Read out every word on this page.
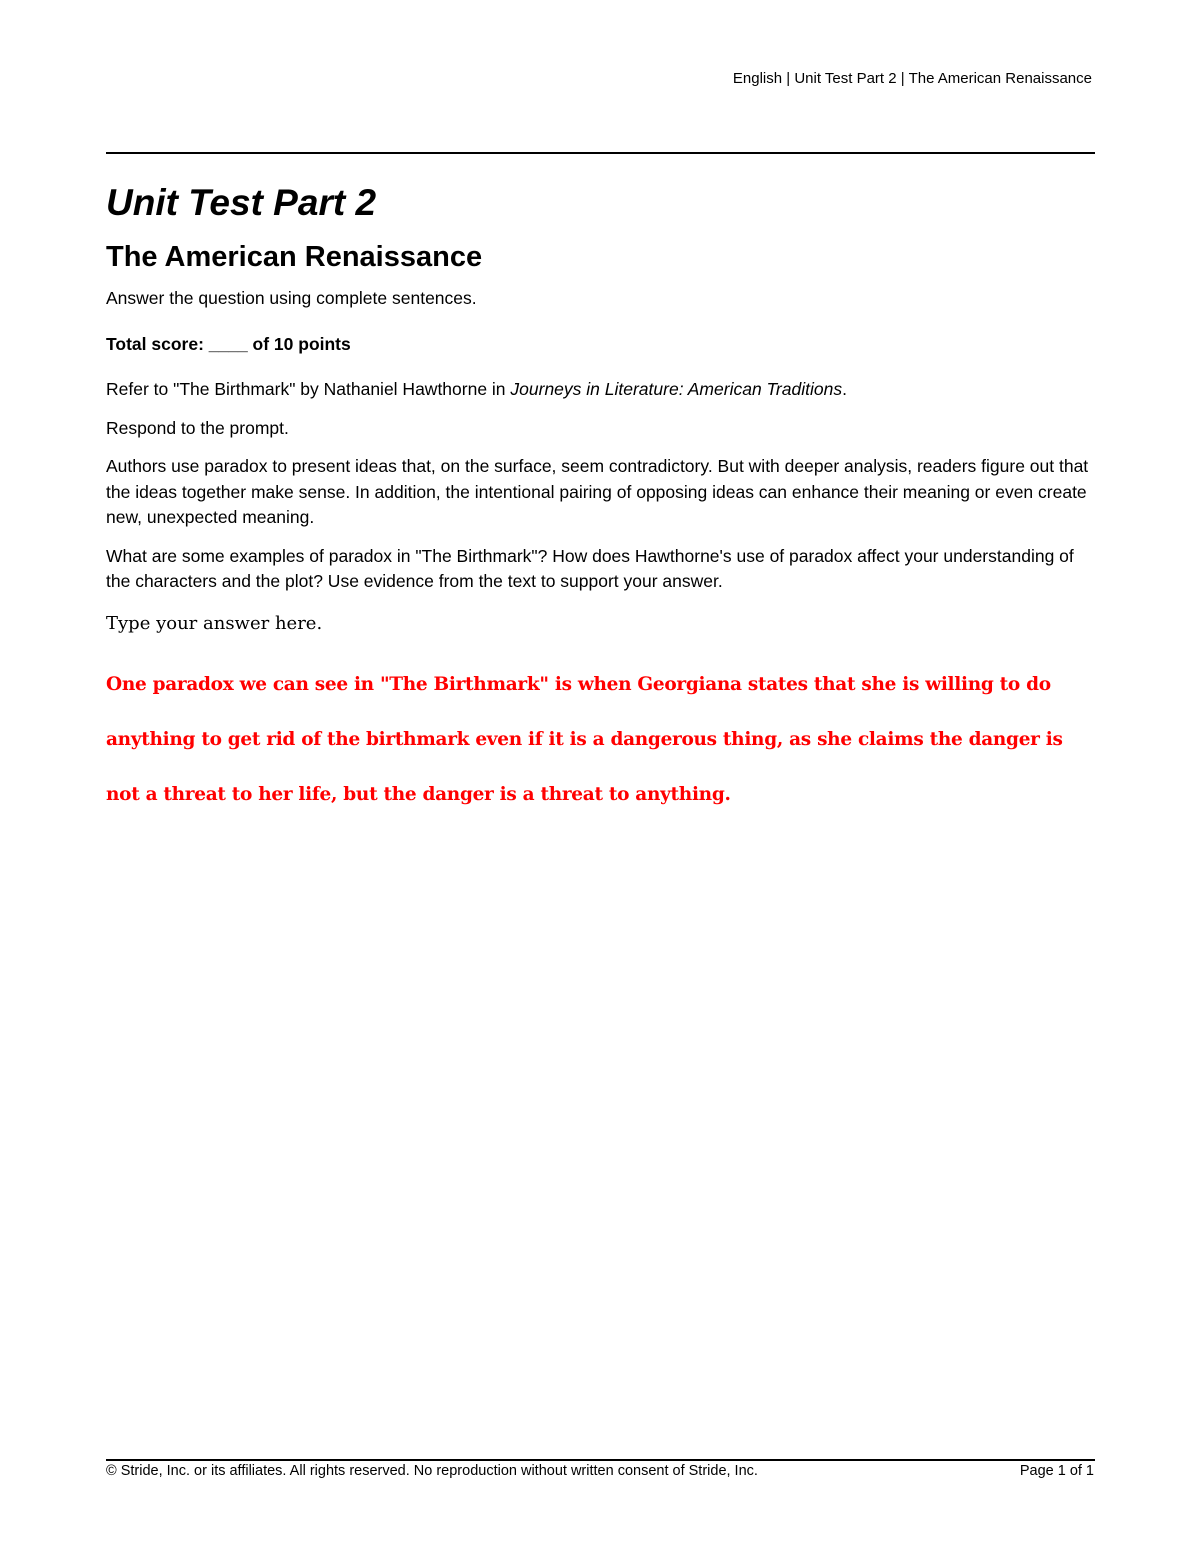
English | Unit Test Part 2 | The American Renaissance
Unit Test Part 2
The American Renaissance

Answer the question using complete sentences.

Total score: ____ of 10 points

Refer to "The Birthmark" by Nathaniel Hawthorne in Journeys in Literature: American Traditions.

Respond to the prompt.

Authors use paradox to present ideas that, on the surface, seem contradictory. But with deeper analysis, readers figure out that the ideas together make sense. In addition, the intentional pairing of opposing ideas can enhance their meaning or even create new, unexpected meaning.

What are some examples of paradox in "The Birthmark"? How does Hawthorne's use of paradox affect your understanding of the characters and the plot? Use evidence from the text to support your answer.

Type your answer here.

One paradox we can see in "The Birthmark" is when Georgiana states that she is willing to do anything to get rid of the birthmark even if it is a dangerous thing, as she claims the danger is not a threat to her life, but the danger is a threat to anything.

© Stride, Inc. or its affiliates. All rights reserved. No reproduction without written consent of Stride, Inc.	Page 1 of 1
